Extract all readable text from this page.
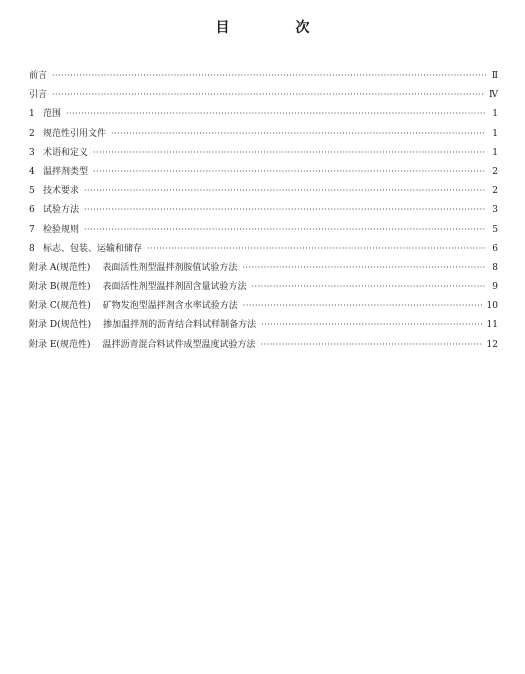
目　次
前言 ·····	Ⅱ
引言 ·····	Ⅳ
1 范围 ·····	1
2 规范性引用文件 ·····	1
3 术语和定义 ·····	1
4 温拌剂类型 ·····	2
5 技术要求 ·····	2
6 试验方法 ·····	3
7 检验规则 ·····	5
8 标志、包装、运输和储存 ·····	6
附录 A(规范性) 表面活性剂型温拌剂胺值试验方法 ·····	8
附录 B(规范性) 表面活性剂型温拌剂固含量试验方法 ·····	9
附录 C(规范性) 矿物发泡型温拌剂含水率试验方法 ·····	10
附录 D(规范性) 掺加温拌剂的沥青结合料试样制备方法 ·····	11
附录 E(规范性) 温拌沥青混合料试件成型温度试验方法 ·····	12
